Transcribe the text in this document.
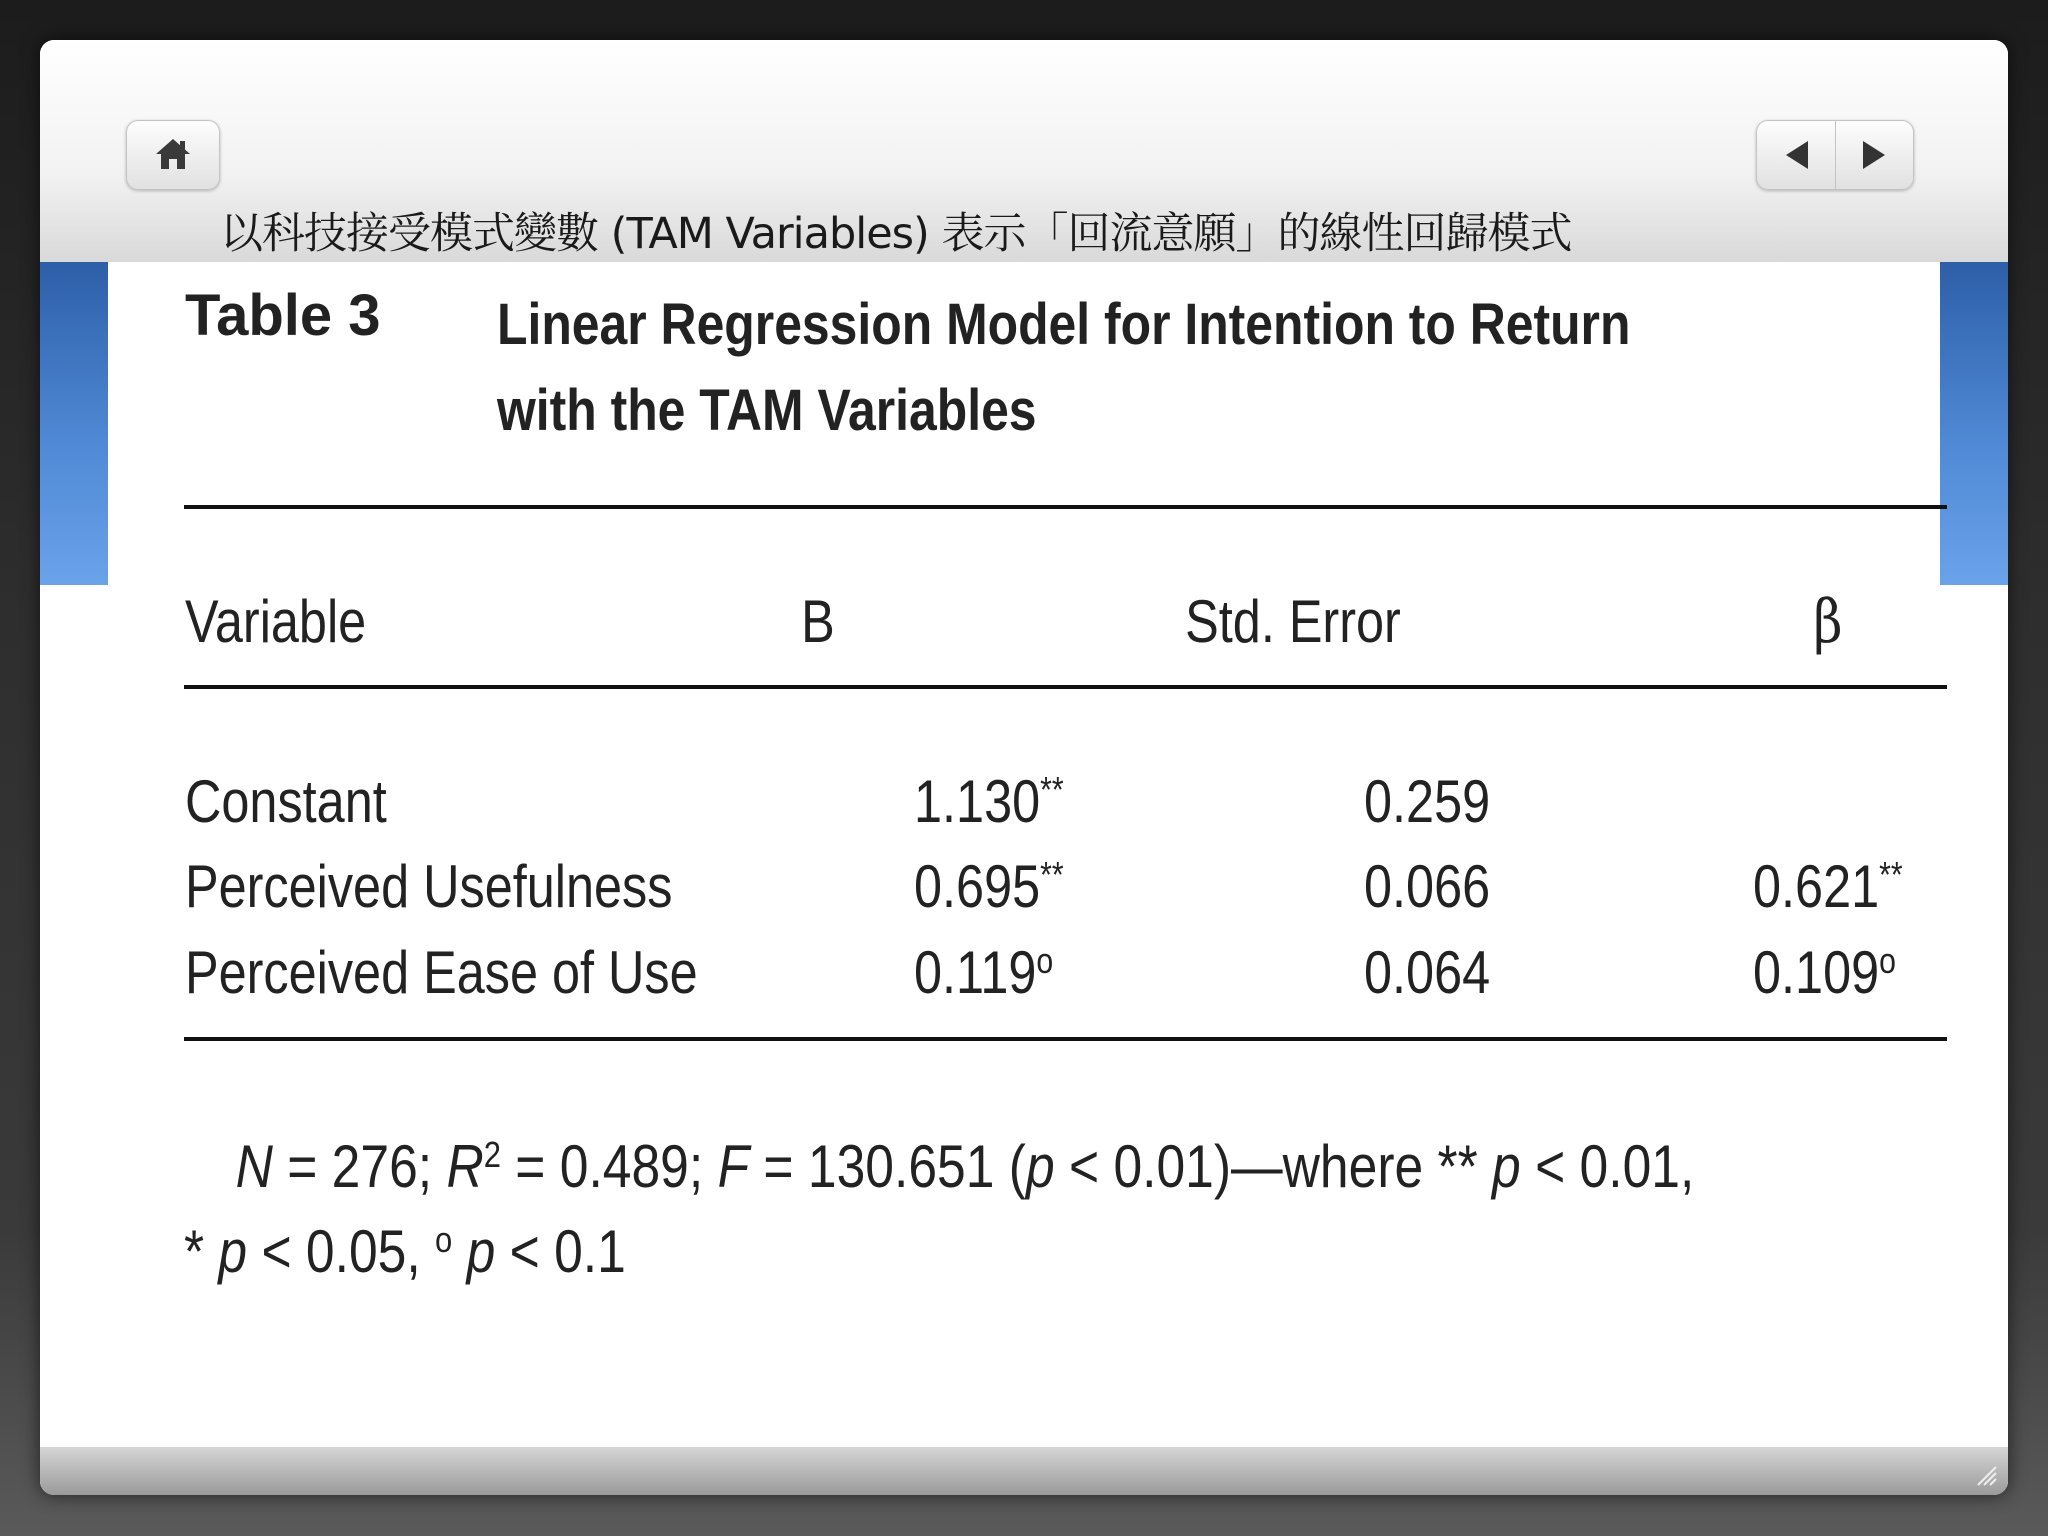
Table 3 Linear Regression Model for Intention to Return with the TAM Variables
Variable	B	Std. Error	β
Constant	1.130**	0.259
Perceived Usefulness	0.695**	0.066	0.621**
Perceived Ease of Use	0.119$^o$	0.064	0.109$^o$
N = 276; $R^2 = 0.489$; F = 130.651 (p < 0.01)—where ** p < 0.01,
* p < 0.05, $^o$ p < 0.1
以科技接受模式變數 (TAM Variables) 表示「回流意願」的線性回歸模式
